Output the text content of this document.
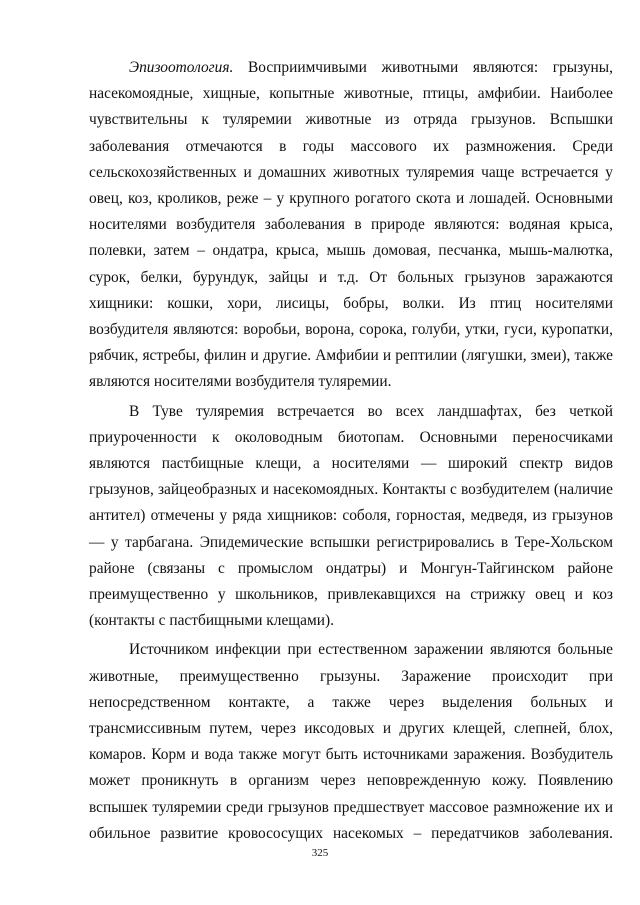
Эпизоотология. Восприимчивыми животными являются: грызуны, насекомоядные, хищные, копытные животные, птицы, амфибии. Наиболее чувствительны к туляремии животные из отряда грызунов. Вспышки заболевания отмечаются в годы массового их размножения. Среди сельскохозяйственных и домашних животных туляремия чаще встречается у овец, коз, кроликов, реже – у крупного рогатого скота и лошадей. Основными носителями возбудителя заболевания в природе являются: водяная крыса, полевки, затем – ондатра, крыса, мышь домовая, песчанка, мышь-малютка, сурок, белки, бурундук, зайцы и т.д. От больных грызунов заражаются хищники: кошки, хори, лисицы, бобры, волки. Из птиц носителями возбудителя являются: воробьи, ворона, сорока, голуби, утки, гуси, куропатки, рябчик, ястребы, филин и другие. Амфибии и рептилии (лягушки, змеи), также являются носителями возбудителя туляремии.

В Туве туляремия встречается во всех ландшафтах, без четкой приуроченности к околоводным биотопам. Основными переносчиками являются пастбищные клещи, а носителями — широкий спектр видов грызунов, зайцеобразных и насекомоядных. Контакты с возбудителем (наличие антител) отмечены у ряда хищников: соболя, горностая, медведя, из грызунов — у тарбагана. Эпидемические вспышки регистрировались в Тере-Хольском районе (связаны с промыслом ондатры) и Монгун-Тайгинском районе преимущественно у школьников, привлекавщихся на стрижку овец и коз (контакты с пастбищными клещами).

Источником инфекции при естественном заражении являются больные животные, преимущественно грызуны. Заражение происходит при непосредственном контакте, а также через выделения больных и трансмиссивным путем, через иксодовых и других клещей, слепней, блох, комаров. Корм и вода также могут быть источниками заражения. Возбудитель может проникнуть в организм через неповрежденную кожу. Появлению вспышек туляремии среди грызунов предшествует массовое размножение их и обильное развитие кровососущих насекомых – передатчиков заболевания.

325
